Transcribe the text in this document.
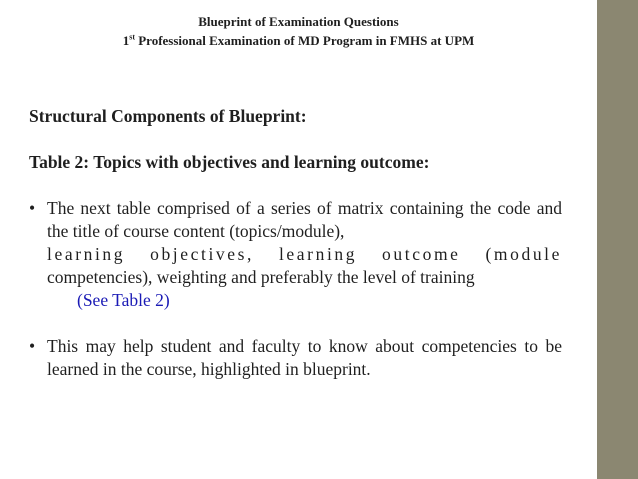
Blueprint of Examination Questions
1st Professional Examination of MD Program in FMHS at UPM
Structural Components of Blueprint:
Table 2: Topics with objectives and learning outcome:
• The next table comprised of a series of matrix containing the code and the title of course content (topics/module),
learning objectives, learning outcome (module
competencies), weighting and preferably the level of training
(See Table 2)
• This may help student and faculty to know about competencies to be learned in the course, highlighted in blueprint.
